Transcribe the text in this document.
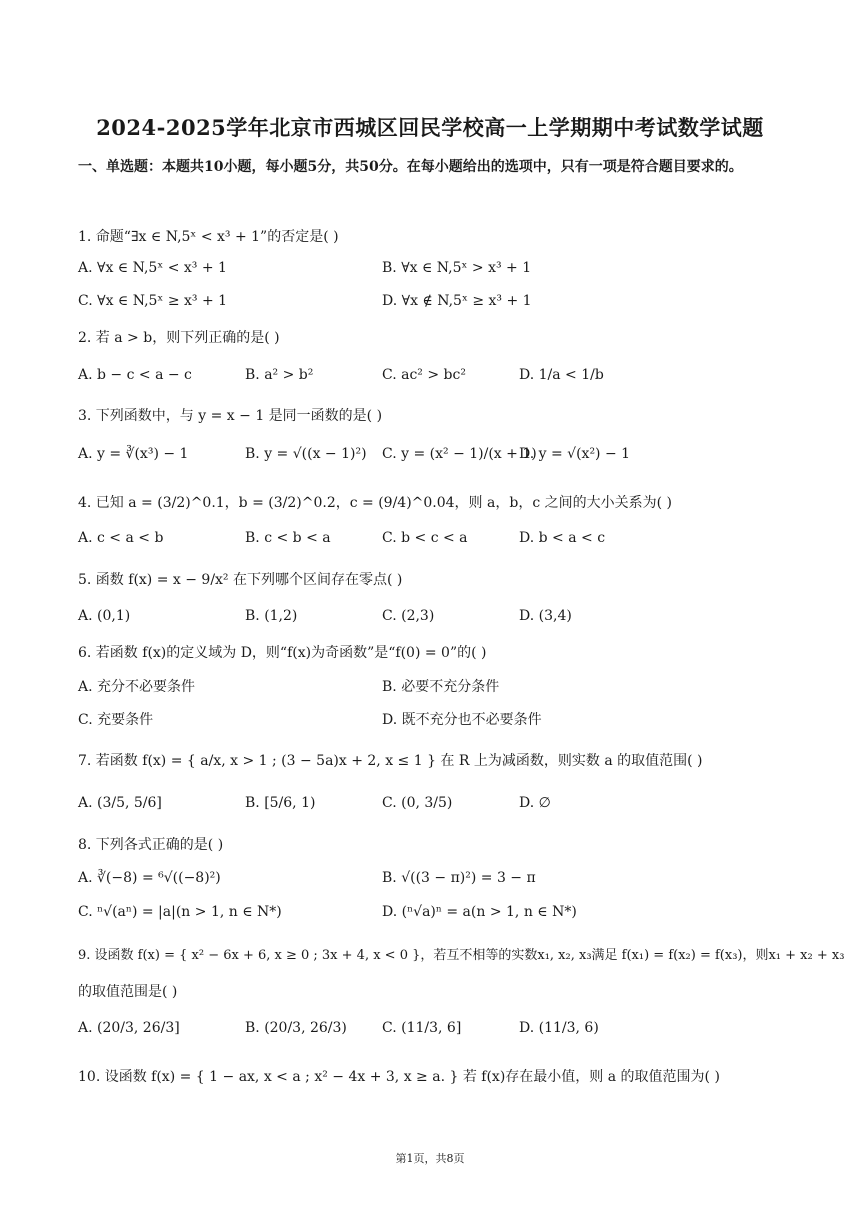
2024-2025学年北京市西城区回民学校高一上学期期中考试数学试题
一、单选题：本题共10小题，每小题5分，共50分。在每小题给出的选项中，只有一项是符合题目要求的。
1. 命题“∃x ∈ N,5ˣ < x³ + 1”的否定是( )
A. ∀x ∈ N,5ˣ < x³ + 1	B. ∀x ∈ N,5ˣ > x³ + 1
C. ∀x ∈ N,5ˣ ≥ x³ + 1	D. ∀x ∉ N,5ˣ ≥ x³ + 1
2. 若 a > b，则下列正确的是( )
A. b − c < a − c	B. a² > b²	C. ac² > bc²	D. 1/a < 1/b
3. 下列函数中，与 y = x − 1 是同一函数的是( )
A. y = ∛(x³) − 1	B. y = √((x − 1)²) C. y = (x² − 1)/(x + 1)
D. y = √(x²) − 1
4. 已知 a = (3/2)^0.1，b = (3/2)^0.2，c = (9/4)^0.04，则 a，b，c 之间的大小关系为( )
A. c < a < b	B. c < b < a	C. b < c < a	D. b < a < c
5. 函数 f(x) = x − 9/x² 在下列哪个区间存在零点( )
A. (0,1)	B. (1,2)	C. (2,3)	D. (3,4)
6. 若函数 f(x)的定义域为 D，则“f(x)为奇函数”是“f(0) = 0”的( )
A. 充分不必要条件	B. 必要不充分条件
C. 充要条件	D. 既不充分也不必要条件
7. 若函数 f(x) = { a/x, x > 1 ; (3 − 5a)x + 2, x ≤ 1 } 在 R 上为减函数，则实数 a 的取值范围( )
A. (3/5, 5/6]	B. [5/6, 1)	C. (0, 3/5)	D. ∅
8. 下列各式正确的是( )
A. ∛(−8) = ⁶√((−8)²)	B. √((3 − π)²) = 3 − π
C. ⁿ√(aⁿ) = |a|(n > 1, n ∈ N*)	D. (ⁿ√a)ⁿ = a(n > 1, n ∈ N*)
9. 设函数 f(x) = { x² − 6x + 6, x ≥ 0 ; 3x + 4, x < 0 }，若互不相等的实数x₁, x₂, x₃满足 f(x₁) = f(x₂) = f(x₃)，则x₁ + x₂ + x₃
的取值范围是( )
A. (20/3, 26/3]	B. (20/3, 26/3)	C. (11/3, 6]	D. (11/3, 6)
10. 设函数 f(x) = { 1 − ax, x < a ; x² − 4x + 3, x ≥ a. } 若 f(x)存在最小值，则 a 的取值范围为( )
第1页，共8页
